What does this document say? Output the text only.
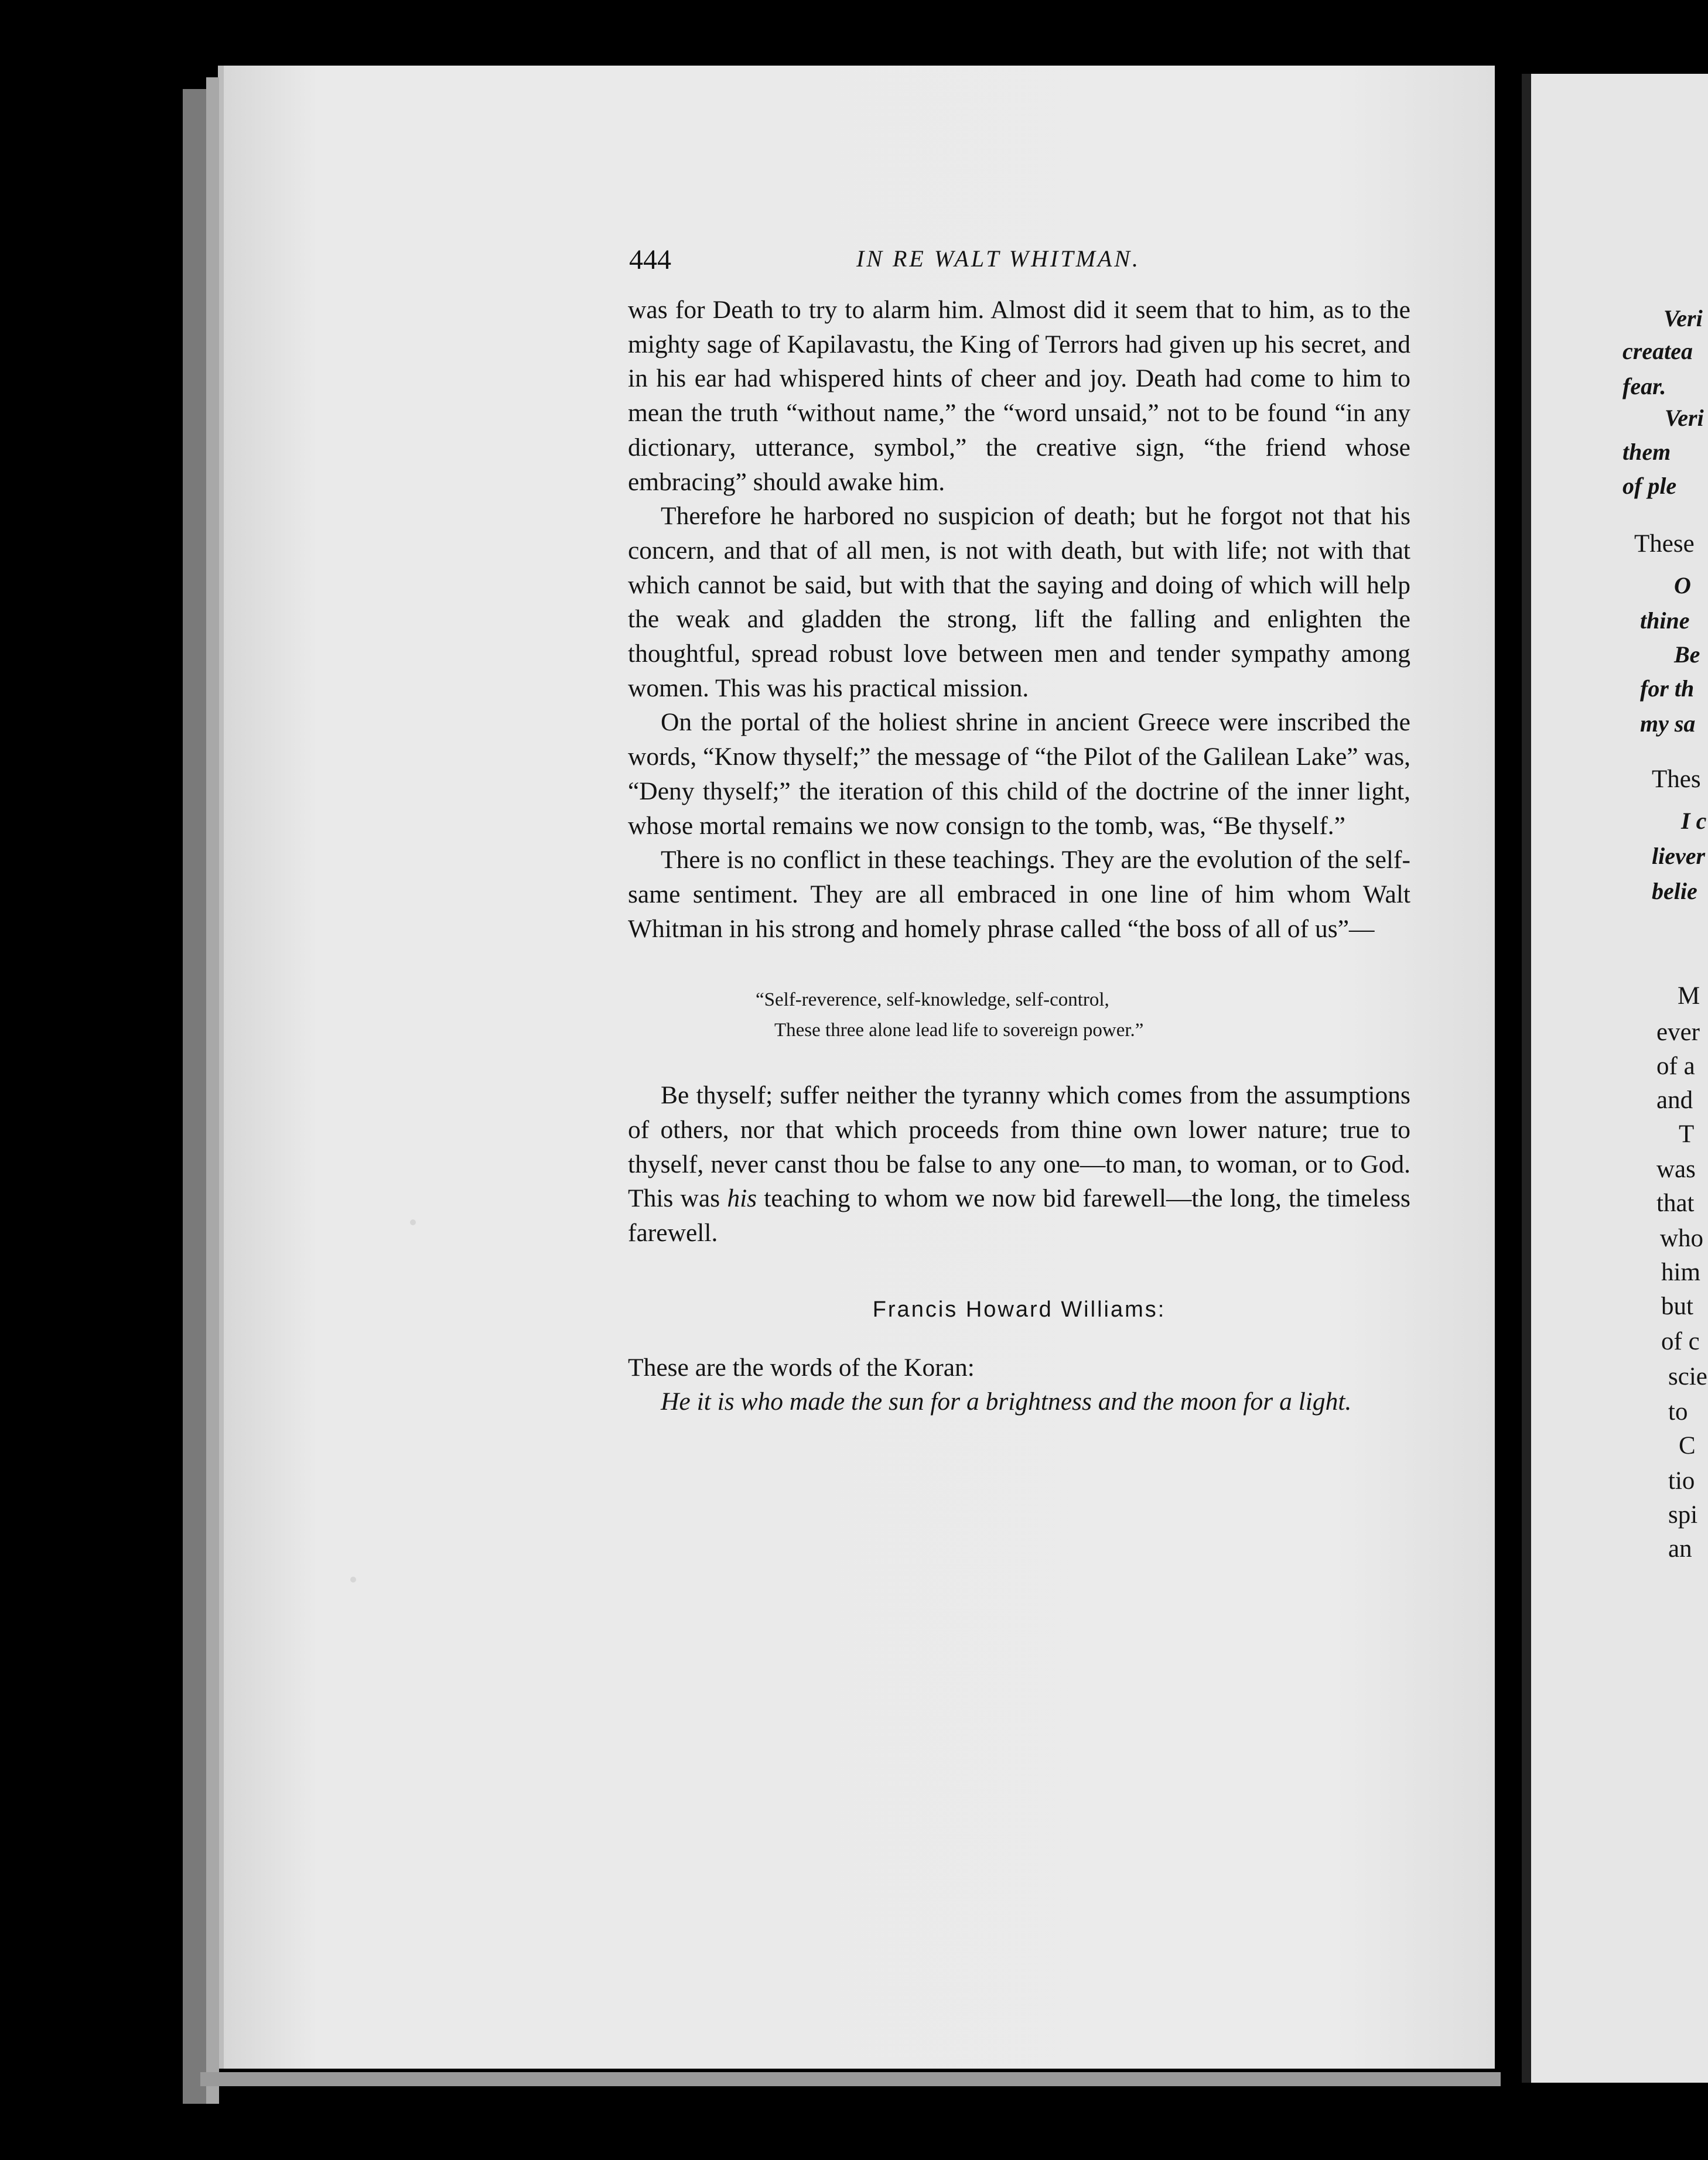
444	IN RE WALT WHITMAN.

was for Death to try to alarm him. Almost did it seem that to him, as to the mighty sage of Kapilavastu, the King of Terrors had given up his secret, and in his ear had whispered hints of cheer and joy. Death had come to him to mean the truth “without name,” the “word unsaid,” not to be found “in any dictionary, utterance, symbol,” the creative sign, “the friend whose embracing” should awake him.

Therefore he harbored no suspicion of death; but he forgot not that his concern, and that of all men, is not with death, but with life; not with that which cannot be said, but with that the saying and doing of which will help the weak and gladden the strong, lift the falling and enlighten the thoughtful, spread robust love between men and tender sympathy among women. This was his practical mission.

On the portal of the holiest shrine in ancient Greece were inscribed the words, “Know thyself;” the message of “the Pilot of the Galilean Lake” was, “Deny thyself;” the iteration of this child of the doctrine of the inner light, whose mortal remains we now consign to the tomb, was, “Be thyself.”

There is no conflict in these teachings. They are the evolution of the self-same sentiment. They are all embraced in one line of him whom Walt Whitman in his strong and homely phrase called “the boss of all of us”—

“Self-reverence, self-knowledge, self-control,
These three alone lead life to sovereign power.”

Be thyself; suffer neither the tyranny which comes from the assumptions of others, nor that which proceeds from thine own lower nature; true to thyself, never canst thou be false to any one—to man, to woman, or to God. This was his teaching to whom we now bid farewell—the long, the timeless farewell.

Francis Howard Williams:

These are the words of the Koran:

He it is who made the sun for a brightness and the moon for a light.

Veri
createa
fear.
Veri
them
of ple
These
O
thine
Be
for th
my sa
Thes
I c
liever
belie
M
ever
of a
and
T
was
that
who
him
but
of c
scie
to
C
tio
spi
an
